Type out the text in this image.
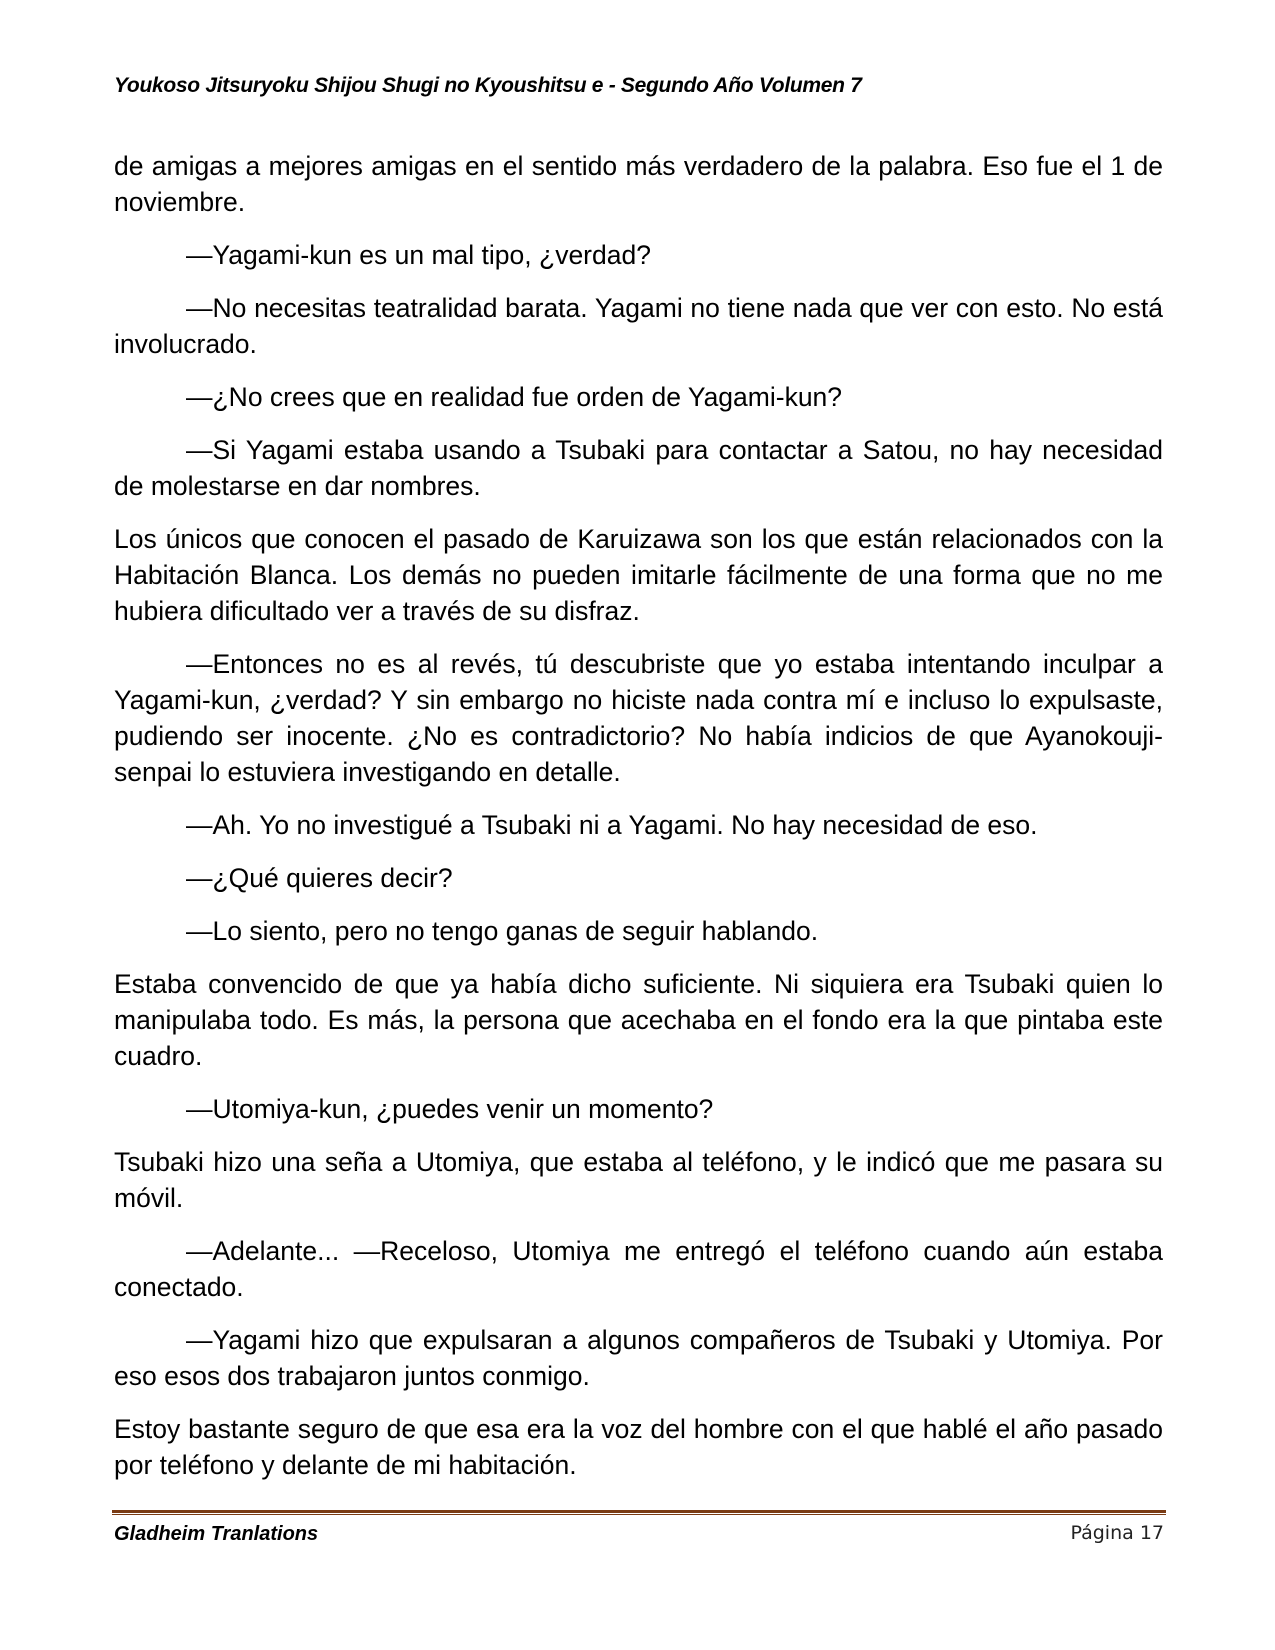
Youkoso Jitsuryoku Shijou Shugi no Kyoushitsu e - Segundo Año Volumen 7

de amigas a mejores amigas en el sentido más verdadero de la palabra. Eso fue el 1 de noviembre.

—Yagami-kun es un mal tipo, ¿verdad?

—No necesitas teatralidad barata. Yagami no tiene nada que ver con esto. No está involucrado.

—¿No crees que en realidad fue orden de Yagami-kun?

—Si Yagami estaba usando a Tsubaki para contactar a Satou, no hay necesidad de molestarse en dar nombres.

Los únicos que conocen el pasado de Karuizawa son los que están relacionados con la Habitación Blanca. Los demás no pueden imitarle fácilmente de una forma que no me hubiera dificultado ver a través de su disfraz.

—Entonces no es al revés, tú descubriste que yo estaba intentando inculpar a Yagami-kun, ¿verdad? Y sin embargo no hiciste nada contra mí e incluso lo expulsaste, pudiendo ser inocente. ¿No es contradictorio? No había indicios de que Ayanokouji-senpai lo estuviera investigando en detalle.

—Ah. Yo no investigué a Tsubaki ni a Yagami. No hay necesidad de eso.

—¿Qué quieres decir?

—Lo siento, pero no tengo ganas de seguir hablando.

Estaba convencido de que ya había dicho suficiente. Ni siquiera era Tsubaki quien lo manipulaba todo. Es más, la persona que acechaba en el fondo era la que pintaba este cuadro.

—Utomiya-kun, ¿puedes venir un momento?

Tsubaki hizo una seña a Utomiya, que estaba al teléfono, y le indicó que me pasara su móvil.

—Adelante... —Receloso, Utomiya me entregó el teléfono cuando aún estaba conectado.

—Yagami hizo que expulsaran a algunos compañeros de Tsubaki y Utomiya. Por eso esos dos trabajaron juntos conmigo.

Estoy bastante seguro de que esa era la voz del hombre con el que hablé el año pasado por teléfono y delante de mi habitación.

Gladheim Tranlations	Página 17
